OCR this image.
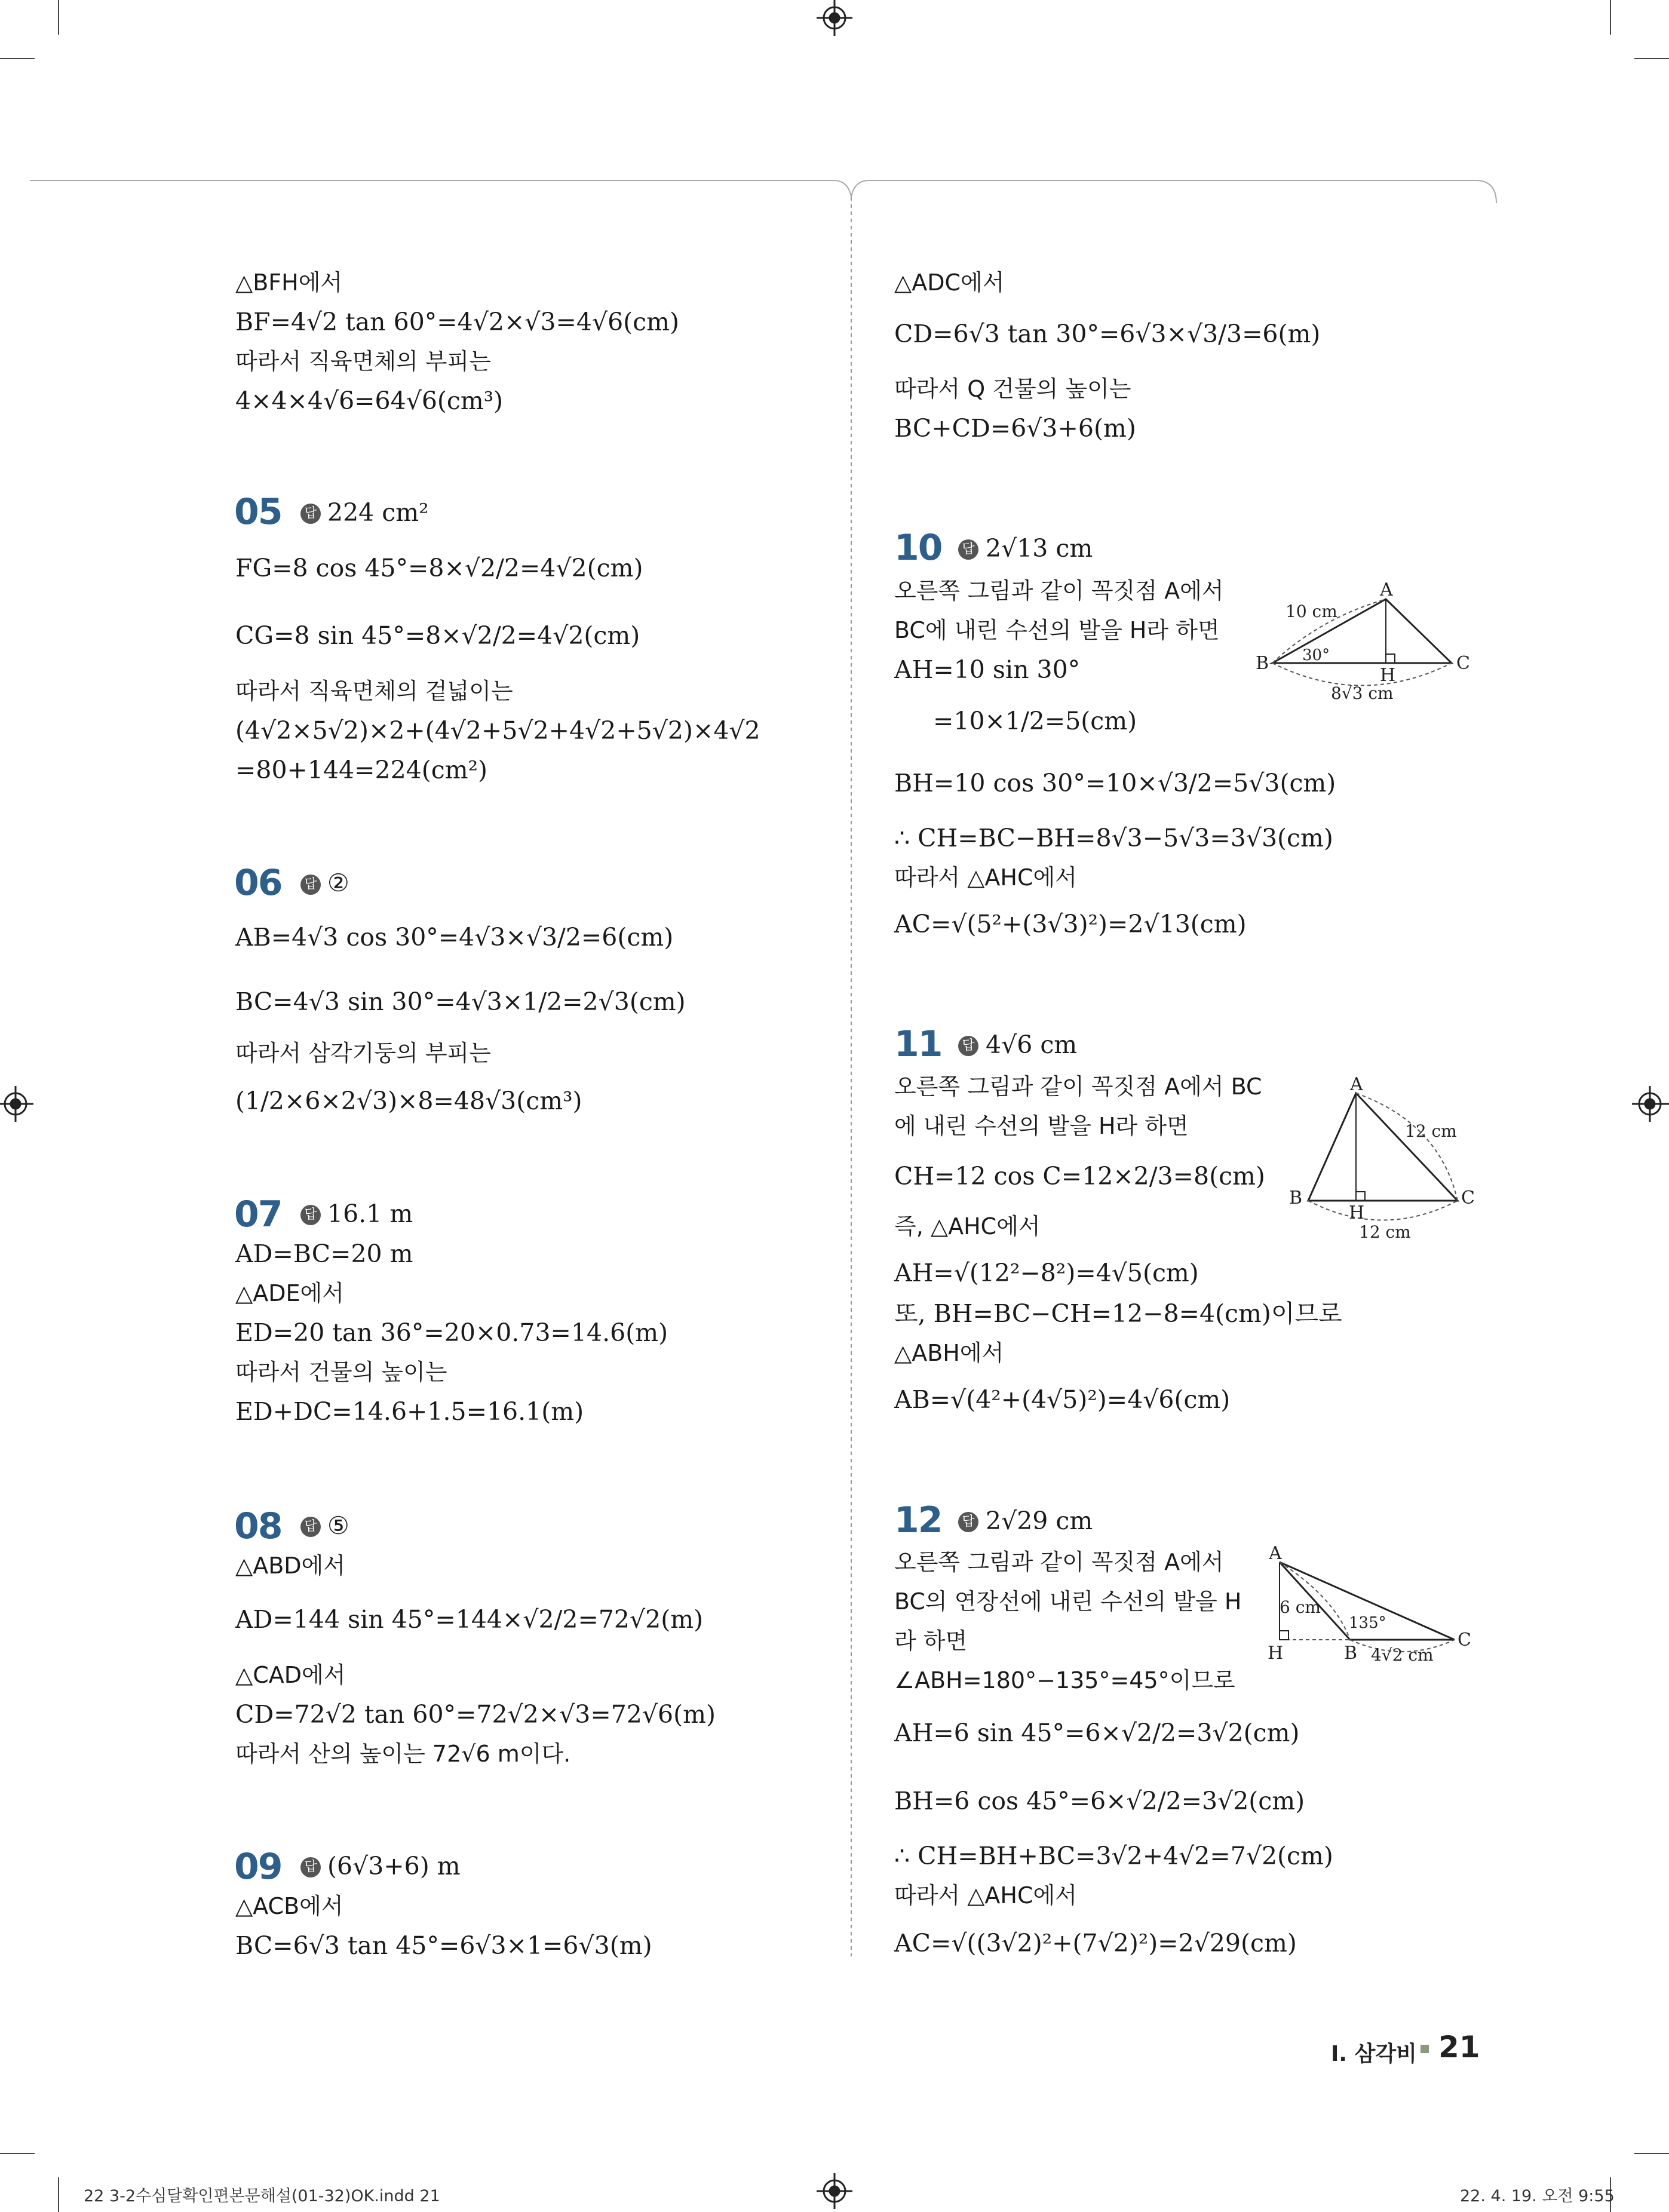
△BFH에서
BF=4√2 tan 60°=4√2×√3=4√6(cm)
따라서 직육면체의 부피는
4×4×4√6=64√6(cm³)
05 답 224 cm²
FG=8 cos 45°=8×√2/2=4√2(cm)
CG=8 sin 45°=8×√2/2=4√2(cm)
따라서 직육면체의 겉넓이는
(4√2×5√2)×2+(4√2+5√2+4√2+5√2)×4√2
=80+144=224(cm²)
06 답 ②
AB=4√3 cos 30°=4√3×√3/2=6(cm)
BC=4√3 sin 30°=4√3×1/2=2√3(cm)
따라서 삼각기둥의 부피는
(1/2×6×2√3)×8=48√3(cm³)
07 답 16.1 m
AD=BC=20 m
△ADE에서
ED=20 tan 36°=20×0.73=14.6(m)
따라서 건물의 높이는
ED+DC=14.6+1.5=16.1(m)
08 답 ⑤
△ABD에서
AD=144 sin 45°=144×√2/2=72√2(m)
△CAD에서
CD=72√2 tan 60°=72√2×√3=72√6(m)
따라서 산의 높이는 72√6 m이다.
09 답 (6√3+6) m
△ACB에서
BC=6√3 tan 45°=6√3×1=6√3(m)
△ADC에서
CD=6√3 tan 30°=6√3×√3/3=6(m)
따라서 Q 건물의 높이는
BC+CD=6√3+6(m)
10 답 2√13 cm
오른쪽 그림과 같이 꼭짓점 A에서
BC에 내린 수선의 발을 H라 하면
AH=10 sin 30°
=10×1/2=5(cm)
BH=10 cos 30°=10×√3/2=5√3(cm)
∴ CH=BC−BH=8√3−5√3=3√3(cm)
따라서 △AHC에서
AC=√(5²+(3√3)²)=2√13(cm)
A
B	C
H
10 cm
30°
8√3 cm
11 답 4√6 cm
오른쪽 그림과 같이 꼭짓점 A에서 BC
에 내린 수선의 발을 H라 하면
CH=12 cos C=12×2/3=8(cm)
즉, △AHC에서
AH=√(12²−8²)=4√5(cm)
또, BH=BC−CH=12−8=4(cm)이므로
△ABH에서
AB=√(4²+(4√5)²)=4√6(cm)
A
B	C
H
12 cm
12 cm
12 답 2√29 cm
오른쪽 그림과 같이 꼭짓점 A에서
BC의 연장선에 내린 수선의 발을 H
라 하면
∠ABH=180°−135°=45°이므로
AH=6 sin 45°=6×√2/2=3√2(cm)
BH=6 cos 45°=6×√2/2=3√2(cm)
∴ CH=BH+BC=3√2+4√2=7√2(cm)
따라서 △AHC에서
AC=√((3√2)²+(7√2)²)=2√29(cm)
A
B
C
H
6 cm
135°
4√2 cm
Ⅰ. 삼각비 21
22 3-2수심달확인편본문해설(01-32)OK.indd 21	22. 4. 19. 오전 9:55
